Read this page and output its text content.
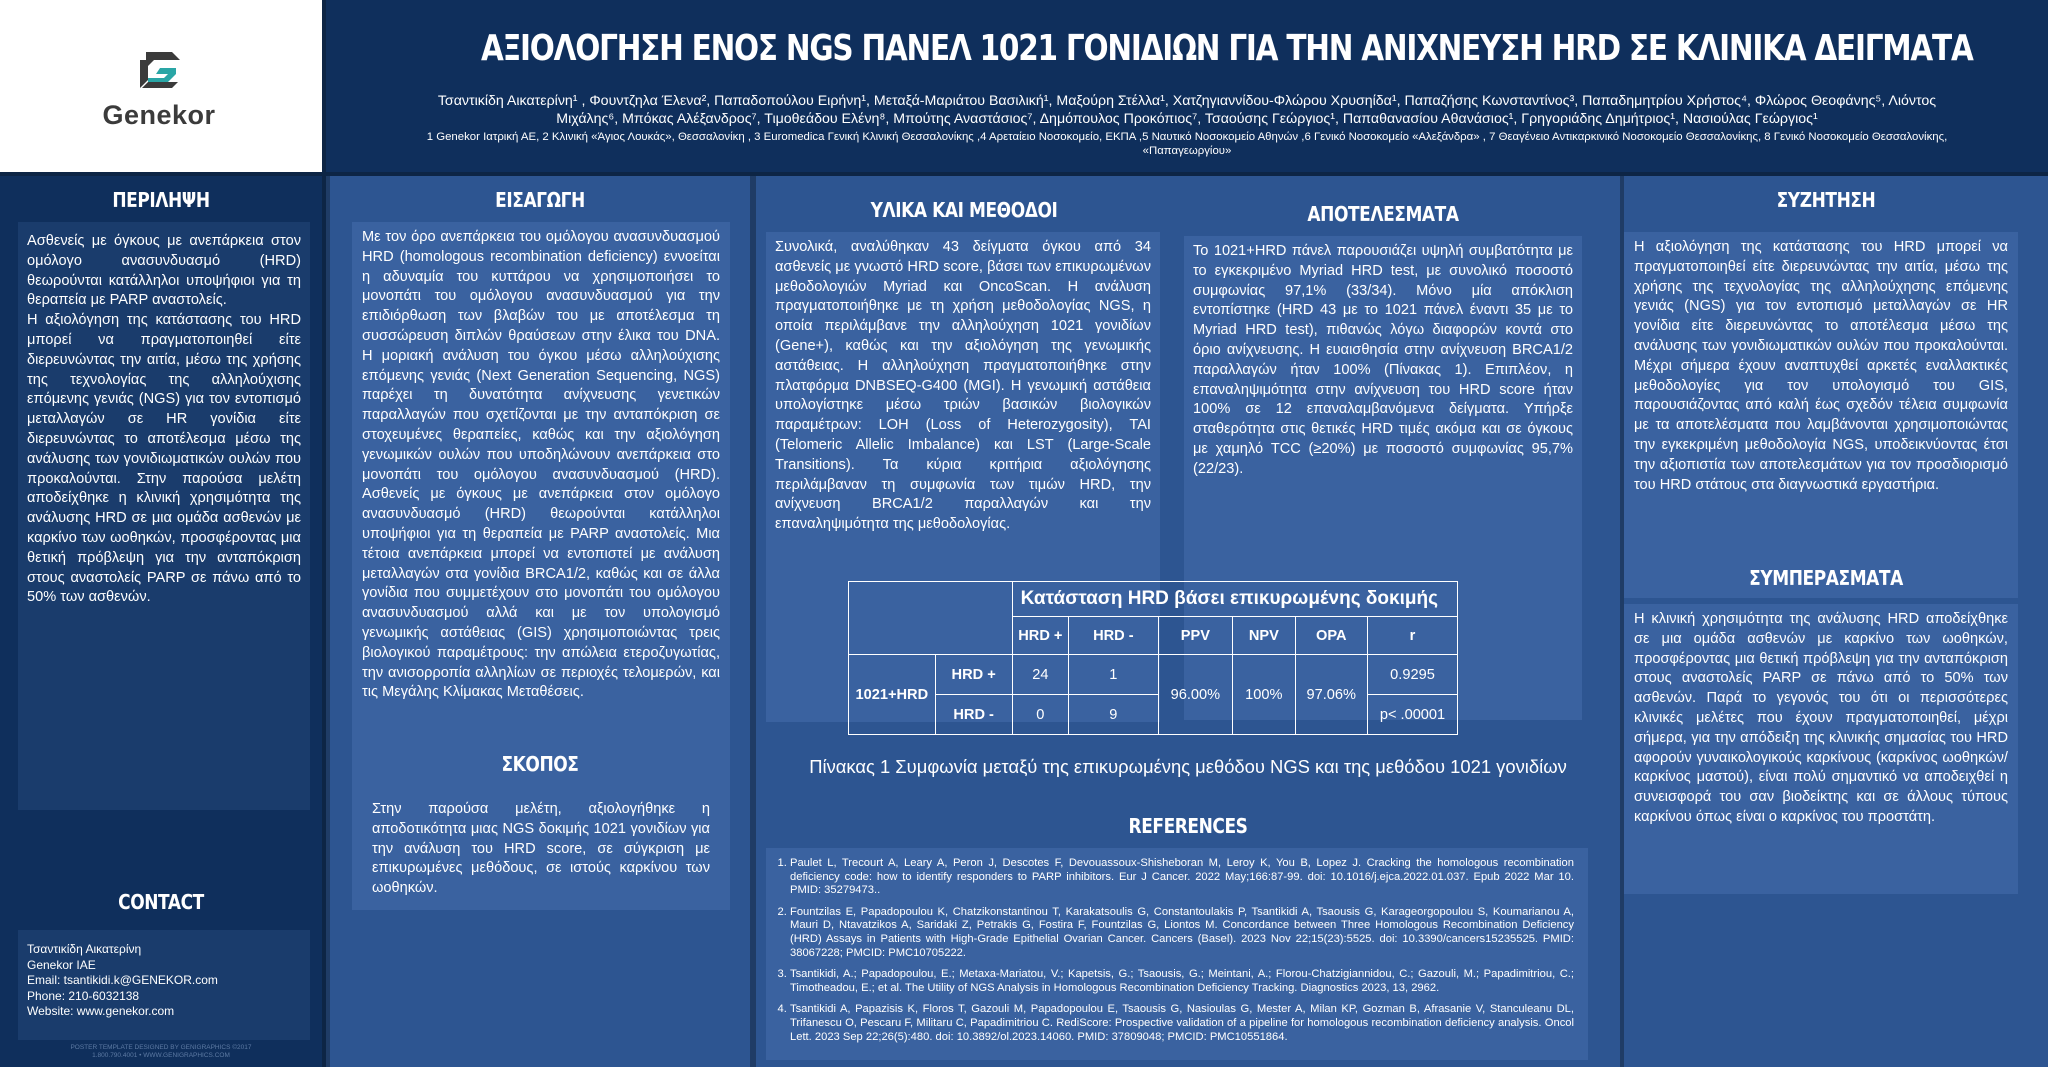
Genekor
ΑΞΙΟΛΟΓΗΣΗ ΕΝΟΣ NGS ΠΑΝΕΛ 1021 ΓΟΝΙΔΙΩΝ ΓΙΑ ΤΗΝ ΑΝΙΧΝΕΥΣΗ HRD ΣΕ ΚΛΙΝΙΚΑ ΔΕΙΓΜΑΤΑ
Τσαντικίδη Αικατερίνη¹ , Φουντζηλα Έλενα², Παπαδοπούλου Ειρήνη¹, Μεταξά-Μαριάτου Βασιλική¹, Μαξούρη Στέλλα¹, Χατζηγιαννίδου-Φλώρου Χρυσηίδα¹, Παπαζήσης Κωνσταντίνος³, Παπαδημητρίου Χρήστος⁴, Φλώρος Θεοφάνης⁵, Λιόντος Μιχάλης⁶, Μπόκας Αλέξανδρος⁷, Τιμοθεάδου Ελένη⁸, Μπούτης Αναστάσιος⁷, Δημόπουλος Προκόπιος⁷, Τσαούσης Γεώργιος¹, Παπαθανασίου Αθανάσιος¹, Γρηγοριάδης Δημήτριος¹, Νασιούλας Γεώργιος¹
1 Genekor Ιατρική ΑΕ, 2 Κλινική «Άγιος Λουκάς», Θεσσαλονίκη , 3 Euromedica Γενική Κλινική Θεσσαλονίκης ,4 Αρεταίειο Νοσοκομείο, ΕΚΠΑ ,5 Ναυτικό Νοσοκομείο Αθηνών ,6 Γενικό Νοσοκομείο «Αλεξάνδρα» , 7 Θεαγένειο Αντικαρκινικό Νοσοκομείο Θεσσαλονίκης, 8 Γενικό Νοσοκομείο Θεσσαλονίκης, «Παπαγεωργίου»
ΠΕΡΙΛΗΨΗ

Ασθενείς με όγκους με ανεπάρκεια στον ομόλογο ανασυνδυασμό (HRD) θεωρούνται κατάλληλοι υποψήφιοι για τη θεραπεία με PARP αναστολείς.

Η αξιολόγηση της κατάστασης του HRD μπορεί να πραγματοποιηθεί είτε διερευνώντας την αιτία, μέσω της χρήσης της τεχνολογίας της αλληλούχισης επόμενης γενιάς (NGS) για τον εντοπισμό μεταλλαγών σε HR γονίδια είτε διερευνώντας το αποτέλεσμα μέσω της ανάλυσης των γονιδιωματικών ουλών που προκαλούνται. Στην παρούσα μελέτη αποδείχθηκε η κλινική χρησιμότητα της ανάλυσης HRD σε μια ομάδα ασθενών με καρκίνο των ωοθηκών, προσφέροντας μια θετική πρόβλεψη για την ανταπόκριση στους αναστολείς PARP σε πάνω από το 50% των ασθενών.

CONTACT
Τσαντικίδη Αικατερίνη
Genekor IAE
Email: tsantikidi.k@GENEKOR.com
Phone: 210-6032138
Website: www.genekor.com
POSTER TEMPLATE DESIGNED BY GENIGRAPHICS ©2017
1.800.790.4001 • WWW.GENIGRAPHICS.COM
ΕΙΣΑΓΩΓΗ

Με τον όρο ανεπάρκεια του ομόλογου ανασυνδυασμού HRD (homologous recombination deficiency) εννοείται η αδυναμία του κυττάρου να χρησιμοποιήσει το μονοπάτι του ομόλογου ανασυνδυασμού για την επιδιόρθωση των βλαβών του με αποτέλεσμα τη συσσώρευση διπλών θραύσεων στην έλικα του DNA. Η μοριακή ανάλυση του όγκου μέσω αλληλούχισης επόμενης γενιάς (Next Generation Sequencing, NGS) παρέχει τη δυνατότητα ανίχνευσης γενετικών παραλλαγών που σχετίζονται με την ανταπόκριση σε στοχευμένες θεραπείες, καθώς και την αξιολόγηση γενωμικών ουλών που υποδηλώνουν ανεπάρκεια στο μονοπάτι του ομόλογου ανασυνδυασμού (HRD). Ασθενείς με όγκους με ανεπάρκεια στον ομόλογο ανασυνδυασμό (HRD) θεωρούνται κατάλληλοι υποψήφιοι για τη θεραπεία με PARP αναστολείς. Μια τέτοια ανεπάρκεια μπορεί να εντοπιστεί με ανάλυση μεταλλαγών στα γονίδια BRCA1/2, καθώς και σε άλλα γονίδια που συμμετέχουν στο μονοπάτι του ομόλογου ανασυνδυασμού αλλά και με τον υπολογισμό γενωμικής αστάθειας (GIS) χρησιμοποιώντας τρεις βιολογικού παραμέτρους: την απώλεια ετεροζυγωτίας, την ανισορροπία αλληλίων σε περιοχές τελομερών, και τις Μεγάλης Κλίμακας Μεταθέσεις.

ΣΚΟΠΟΣ

Στην παρούσα μελέτη, αξιολογήθηκε η αποδοτικότητα μιας NGS δοκιμής 1021 γονιδίων για την ανάλυση του HRD score, σε σύγκριση με επικυρωμένες μεθόδους, σε ιστούς καρκίνου των ωοθηκών.

ΥΛΙΚΑ ΚΑΙ ΜΕΘΟΔΟΙ

Συνολικά, αναλύθηκαν 43 δείγματα όγκου από 34 ασθενείς με γνωστό HRD score, βάσει των επικυρωμένων μεθοδολογιών Myriad και OncoScan. Η ανάλυση πραγματοποιήθηκε με τη χρήση μεθοδολογίας NGS, η οποία περιλάμβανε την αλληλούχηση 1021 γονιδίων (Gene+), καθώς και την αξιολόγηση της γενωμικής αστάθειας. Η αλληλούχηση πραγματοποιήθηκε στην πλατφόρμα DNBSEQ-G400 (MGI). Η γενωμική αστάθεια υπολογίστηκε μέσω τριών βασικών βιολογικών παραμέτρων: LOH (Loss of Heterozygosity), TAI (Telomeric Allelic Imbalance) και LST (Large-Scale Transitions). Τα κύρια κριτήρια αξιολόγησης περιλάμβαναν τη συμφωνία των τιμών HRD, την ανίχνευση BRCA1/2 παραλλαγών και την επαναληψιμότητα της μεθοδολογίας.

ΑΠΟΤΕΛΕΣΜΑΤΑ

Το 1021+HRD πάνελ παρουσιάζει υψηλή συμβατότητα με το εγκεκριμένο Myriad HRD test, με συνολικό ποσοστό συμφωνίας 97,1% (33/34). Μόνο μία απόκλιση εντοπίστηκε (HRD 43 με το 1021 πάνελ έναντι 35 με το Myriad HRD test), πιθανώς λόγω διαφορών κοντά στο όριο ανίχνευσης. Η ευαισθησία στην ανίχνευση BRCA1/2 παραλλαγών ήταν 100% (Πίνακας 1). Επιπλέον, η επαναληψιμότητα στην ανίχνευση του HRD score ήταν 100% σε 12 επαναλαμβανόμενα δείγματα. Υπήρξε σταθερότητα στις θετικές HRD τιμές ακόμα και σε όγκους με χαμηλό TCC (≥20%) με ποσοστό συμφωνίας 95,7% (22/23).

		Κατάσταση HRD βάσει επικυρωμένης δοκιμής					
		HRD +	HRD -	PPV	NPV	OPA	r
1021+HRD	HRD +	24	1	96.00%	100%	97.06%	0.9295
	HRD -	0	9				p< .00001
Πίνακας 1 Συμφωνία μεταξύ της επικυρωμένης μεθόδου NGS και της μεθόδου 1021 γονιδίων
REFERENCES
1. Paulet L, Trecourt A, Leary A, Peron J, Descotes F, Devouassoux-Shisheboran M, Leroy K, You B, Lopez J. Cracking the homologous recombination deficiency code: how to identify responders to PARP inhibitors. Eur J Cancer. 2022 May;166:87-99. doi: 10.1016/j.ejca.2022.01.037. Epub 2022 Mar 10. PMID: 35279473..
2. Fountzilas E, Papadopoulou K, Chatzikonstantinou T, Karakatsoulis G, Constantoulakis P, Tsantikidi A, Tsaousis G, Karageorgopoulou S, Koumarianou A, Mauri D, Ntavatzikos A, Saridaki Z, Petrakis G, Fostira F, Fountzilas G, Liontos M. Concordance between Three Homologous Recombination Deficiency (HRD) Assays in Patients with High-Grade Epithelial Ovarian Cancer. Cancers (Basel). 2023 Nov 22;15(23):5525. doi: 10.3390/cancers15235525. PMID: 38067228; PMCID: PMC10705222.
3. Tsantikidi, A.; Papadopoulou, E.; Metaxa-Mariatou, V.; Kapetsis, G.; Tsaousis, G.; Meintani, A.; Florou-Chatzigiannidou, C.; Gazouli, M.; Papadimitriou, C.; Timotheadou, E.; et al. The Utility of NGS Analysis in Homologous Recombination Deficiency Tracking. Diagnostics 2023, 13, 2962.
4. Tsantikidi A, Papazisis K, Floros T, Gazouli M, Papadopoulou E, Tsaousis G, Nasioulas G, Mester A, Milan KP, Gozman B, Afrasanie V, Stanculeanu DL, Trifanescu O, Pescaru F, Militaru C, Papadimitriou C. RediScore: Prospective validation of a pipeline for homologous recombination deficiency analysis. Oncol Lett. 2023 Sep 22;26(5):480. doi: 10.3892/ol.2023.14060. PMID: 37809048; PMCID: PMC10551864.
ΣΥΖΗΤΗΣΗ

Η αξιολόγηση της κατάστασης του HRD μπορεί να πραγματοποιηθεί είτε διερευνώντας την αιτία, μέσω της χρήσης της τεχνολογίας της αλληλούχησης επόμενης γενιάς (NGS) για τον εντοπισμό μεταλλαγών σε HR γονίδια είτε διερευνώντας το αποτέλεσμα μέσω της ανάλυσης των γονιδιωματικών ουλών που προκαλούνται. Μέχρι σήμερα έχουν αναπτυχθεί αρκετές εναλλακτικές μεθοδολογίες για τον υπολογισμό του GIS, παρουσιάζοντας από καλή έως σχεδόν τέλεια συμφωνία με τα αποτελέσματα που λαμβάνονται χρησιμοποιώντας την εγκεκριμένη μεθοδολογία NGS, υποδεικνύοντας έτσι την αξιοπιστία των αποτελεσμάτων για τον προσδιορισμό του HRD στάτους στα διαγνωστικά εργαστήρια.

ΣΥΜΠΕΡΑΣΜΑΤΑ

Η κλινική χρησιμότητα της ανάλυσης HRD αποδείχθηκε σε μια ομάδα ασθενών με καρκίνο των ωοθηκών, προσφέροντας μια θετική πρόβλεψη για την ανταπόκριση στους αναστολείς PARP σε πάνω από το 50% των ασθενών. Παρά το γεγονός του ότι οι περισσότερες κλινικές μελέτες που έχουν πραγματοποιηθεί, μέχρι σήμερα, για την απόδειξη της κλινικής σημασίας του HRD αφορούν γυναικολογικούς καρκίνους (καρκίνος ωοθηκών/καρκίνος μαστού), είναι πολύ σημαντικό να αποδειχθεί η συνεισφορά του σαν βιοδείκτης και σε άλλους τύπους καρκίνου όπως είναι ο καρκίνος του προστάτη.
